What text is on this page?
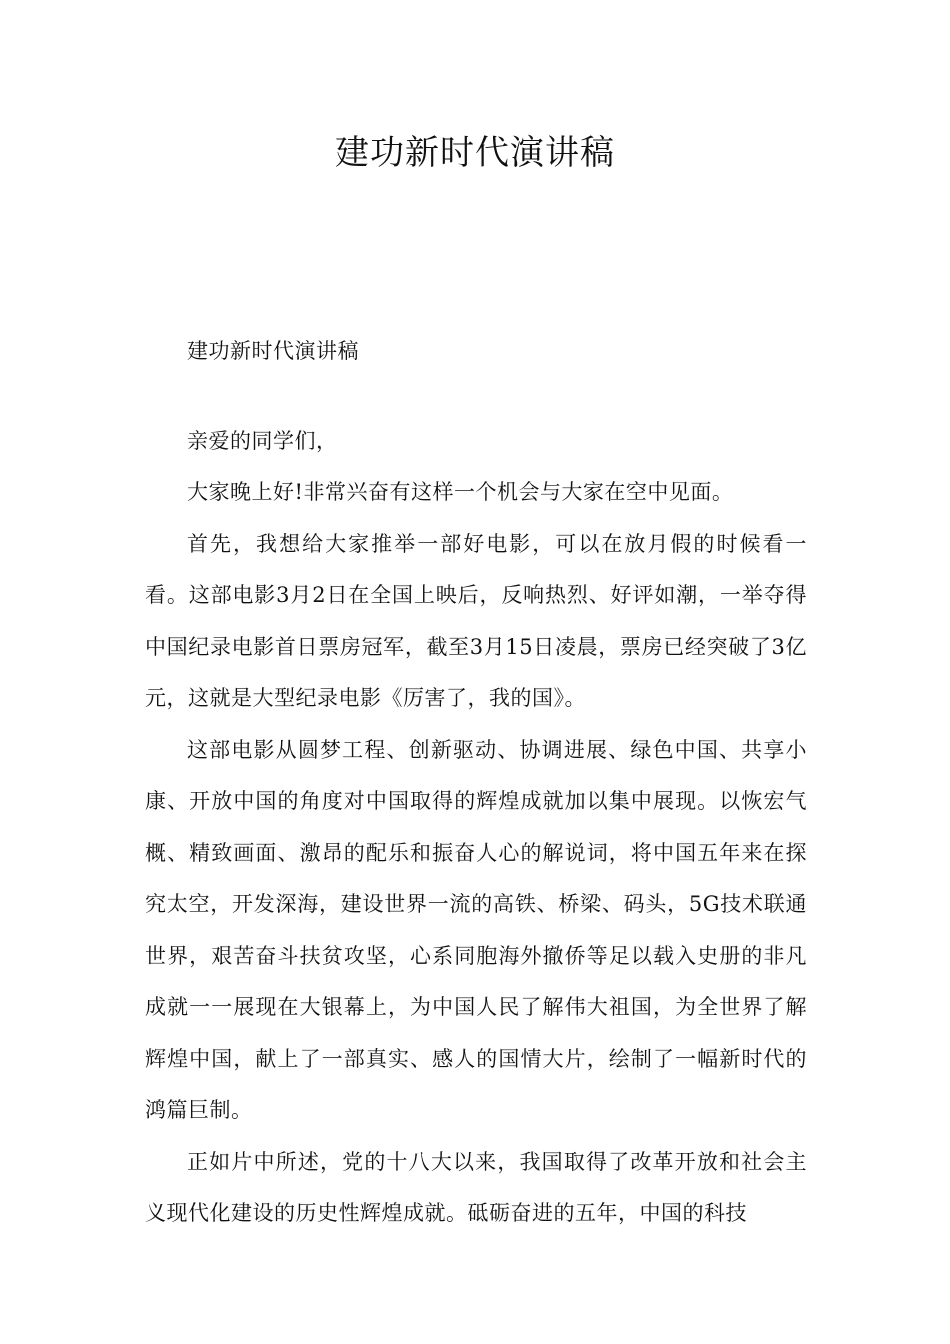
建功新时代演讲稿

建功新时代演讲稿

亲爱的同学们，

大家晚上好!非常兴奋有这样一个机会与大家在空中见面。

首先，我想给大家推举一部好电影，可以在放月假的时候看一看。这部电影3月2日在全国上映后，反响热烈、好评如潮，一举夺得中国纪录电影首日票房冠军，截至3月15日凌晨，票房已经突破了3亿元，这就是大型纪录电影《厉害了，我的国》。

这部电影从圆梦工程、创新驱动、协调进展、绿色中国、共享小康、开放中国的角度对中国取得的辉煌成就加以集中展现。以恢宏气概、精致画面、激昂的配乐和振奋人心的解说词，将中国五年来在探究太空，开发深海，建设世界一流的高铁、桥梁、码头，5G技术联通世界，艰苦奋斗扶贫攻坚，心系同胞海外撤侨等足以载入史册的非凡成就一一展现在大银幕上，为中国人民了解伟大祖国，为全世界了解辉煌中国，献上了一部真实、感人的国情大片，绘制了一幅新时代的鸿篇巨制。

正如片中所述，党的十八大以来，我国取得了改革开放和社会主义现代化建设的历史性辉煌成就。砥砺奋进的五年，中国的科技
